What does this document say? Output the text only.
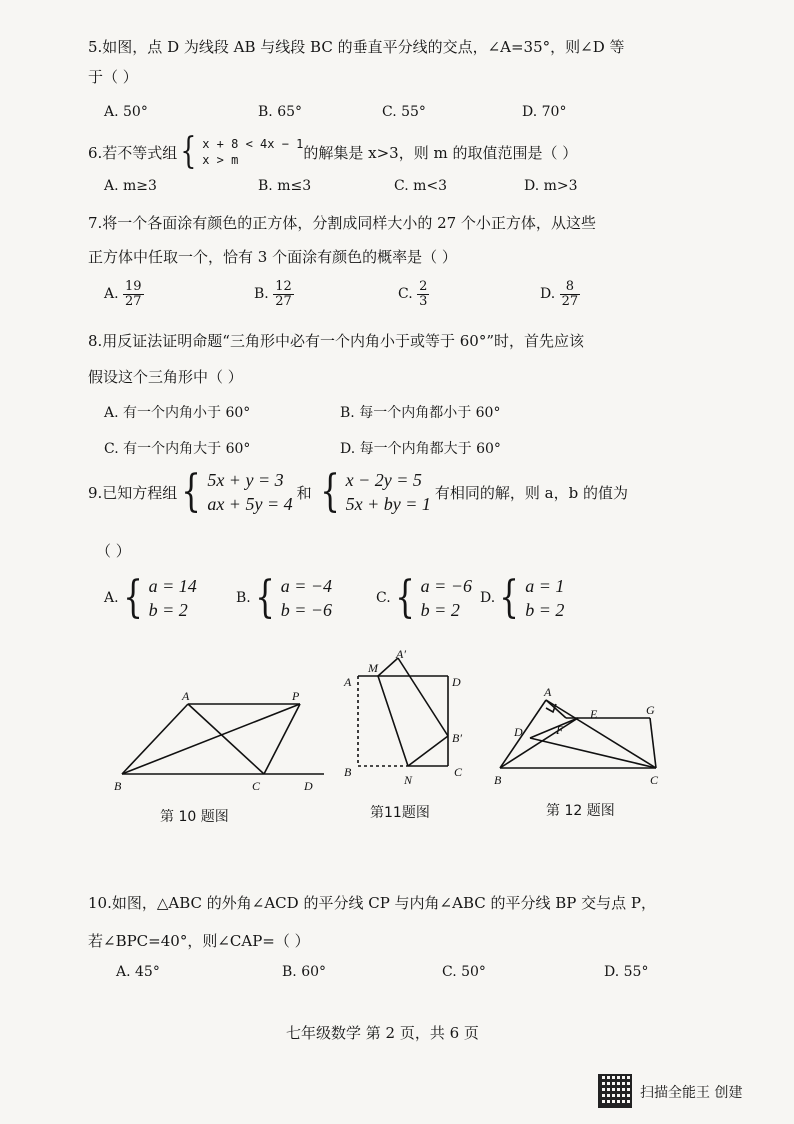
5.如图，点 D 为线段 AB 与线段 BC 的垂直平分线的交点，∠A=35°，则∠D 等
于（ ）
A. 50°	B. 65°	C. 55°	D. 70°
6.若不等式组 { x + 8 < 4x − 1
x > m	的解集是 x>3，则 m 的取值范围是（ ）
A. m≥3	B. m≤3	C. m<3	D. m>3
7.将一个各面涂有颜色的正方体，分割成同样大小的 27 个小正方体，从这些
正方体中任取一个，恰有 3 个面涂有颜色的概率是（ ）
A. $\frac{19}{27}$	B. $\frac{12}{27}$	C. $\frac{2}{3}$	D. $\frac{8}{27}$
8.用反证法证明命题“三角形中必有一个内角小于或等于 60°”时，首先应该
假设这个三角形中（ ）
A. 有一个内角小于 60°	B. 每一个内角都小于 60°
C. 有一个内角大于 60°	D. 每一个内角都大于 60°
9.已知方程组 { 5x + y = 3
ax + 5y = 4
和 { x − 2y = 5
5x + by = 1
有相同的解，则 a，b 的值为
（ ）
A. { a = 14
b = 2
B. { a = −4
b = −6
C. { a = −6
b = 2
D. { a = 1
b = 2
A	P
B	C	D
M
A′
A	D
B′
B
N
C
A
E	G
D	F
B	C
第 10 题图	第11题图	第 12 题图
10.如图，△ABC 的外角∠ACD 的平分线 CP 与内角∠ABC 的平分线 BP 交与点 P，
若∠BPC=40°，则∠CAP=（ ）
A. 45°	B. 60°	C. 50°	D. 55°
七年级数学 第 2 页，共 6 页
扫描全能王 创建
